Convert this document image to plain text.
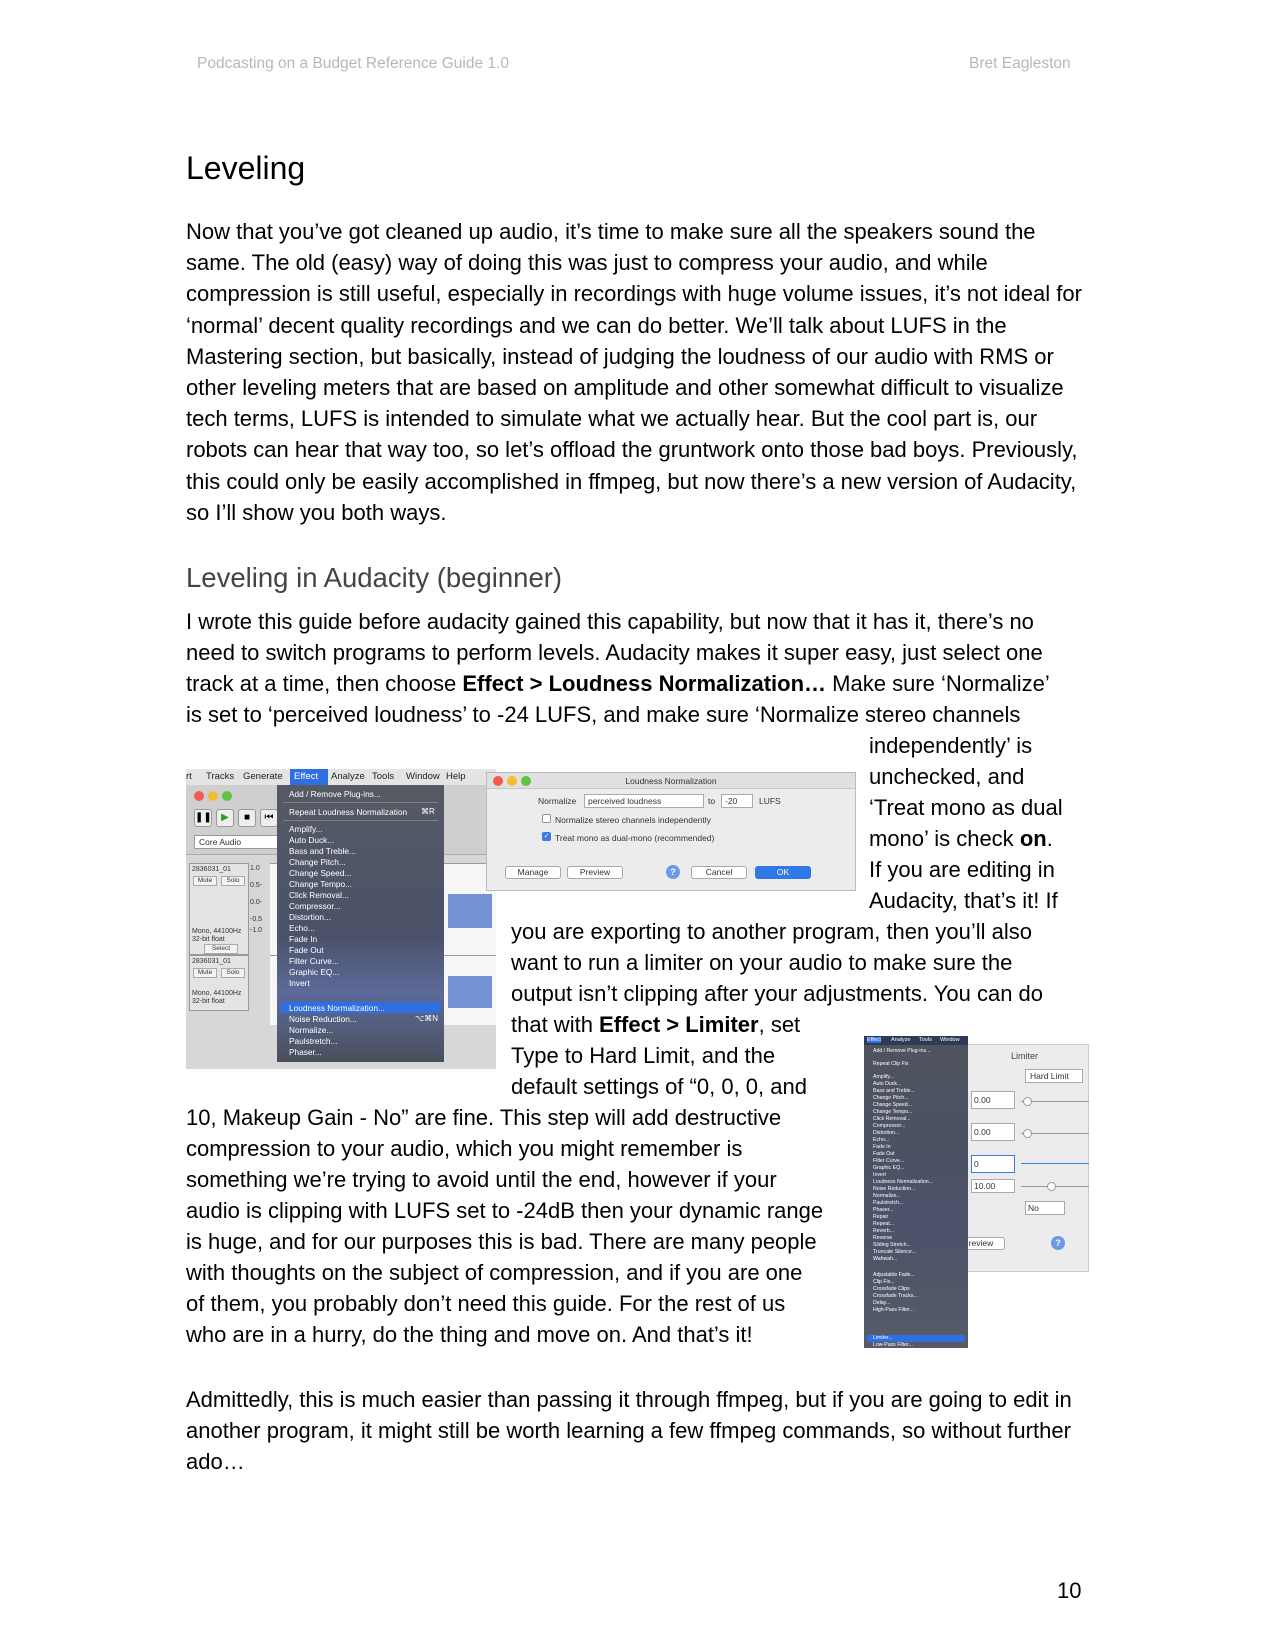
Podcasting on a Budget Reference Guide 1.0	Bret Eagleston
Leveling

Now that you’ve got cleaned up audio, it’s time to make sure all the speakers sound the same. The old (easy) way of doing this was just to compress your audio, and while compression is still useful, especially in recordings with huge volume issues, it’s not ideal for ‘normal’ decent quality recordings and we can do better. We’ll talk about LUFS in the Mastering section, but basically, instead of judging the loudness of our audio with RMS or other leveling meters that are based on amplitude and other somewhat difficult to visualize tech terms, LUFS is intended to simulate what we actually hear. But the cool part is, our robots can hear that way too, so let’s offload the gruntwork onto those bad boys. Previously, this could only be easily accomplished in ffmpeg, but now there’s a new version of Audacity, so I’ll show you both ways.

Leveling in Audacity (beginner)
I wrote this guide before audacity gained this capability, but now that it has it, there’s no
need to switch programs to perform levels. Audacity makes it super easy, just select one
track at a time, then choose Effect > Loudness Normalization… Make sure ‘Normalize’
is set to ‘perceived loudness’ to -24 LUFS, and make sure ‘Normalize stereo channels
independently’ is
unchecked, and
‘Treat mono as dual
mono’ is check on.
If you are editing in
Audacity, that’s it! If
you are exporting to another program, then you’ll also
want to run a limiter on your audio to make sure the
output isn’t clipping after your adjustments. You can do
that with Effect > Limiter, set
Type to Hard Limit, and the
default settings of “0, 0, 0, and
10, Makeup Gain - No” are fine. This step will add destructive
compression to your audio, which you might remember is
something we’re trying to avoid until the end, however if your
audio is clipping with LUFS set to -24dB then your dynamic range
is huge, and for our purposes this is bad. There are many people
with thoughts on the subject of compression, and if you are one
of them, you probably don’t need this guide. For the rest of us
who are in a hurry, do the thing and move on. And that’s it!
rt Tracks Generate Effect Analyze Tools Window Help
❚❚ ▶	■	⏮
Core Audio
2836031_01
Mute	Solo
Mono, 44100Hz
32-bit float
Select
2836031_01
Mute	Solo
Mono, 44100Hz
32-bit float
1.0
0.5-
0.0-
-0.5
-1.0
Add / Remove Plug-ins...
Repeat Loudness Normalization ⌘R
Amplify...
Auto Duck...
Bass and Treble...
Change Pitch...
Change Speed...
Change Tempo...
Click Removal...
Compressor...
Distortion...
Echo...
Fade In
Fade Out
Filter Curve...
Graphic EQ...
Invert
Loudness Normalization...
Noise Reduction...	⌥⌘N
Normalize...
Paulstretch...
Phaser...
Loudness Normalization
Normalize	perceived loudness	to	-20	LUFS
Normalize stereo channels independently
✓ Treat mono as dual-mono (recommended)
Manage	Preview	?	Cancel	OK
Limiter
Hard Limit
0.00
0.00
0
10.00
No
review	?
Effect Analyze Tools Window
Add / Remove Plug-ins...
Repeat Clip Fix
Amplify...
Auto Duck...
Bass and Treble...
Change Pitch...
Change Speed...
Change Tempo...
Click Removal...
Compressor...
Distortion...
Echo...
Fade In
Fade Out
Filter Curve...
Graphic EQ...
Invert
Loudness Normalization...
Noise Reduction...
Normalize...
Paulstretch...
Phaser...
Repair
Repeat...
Reverb...
Reverse
Sliding Stretch...
Truncate Silence...
Wahwah...
Adjustable Fade...
Clip Fix...
Crossfade Clips
Crossfade Tracks...
Delay...
High-Pass Filter...
Limiter...
Low-Pass Filter...

Admittedly, this is much easier than passing it through ffmpeg, but if you are going to edit in another program, it might still be worth learning a few ffmpeg commands, so without further ado…

10
